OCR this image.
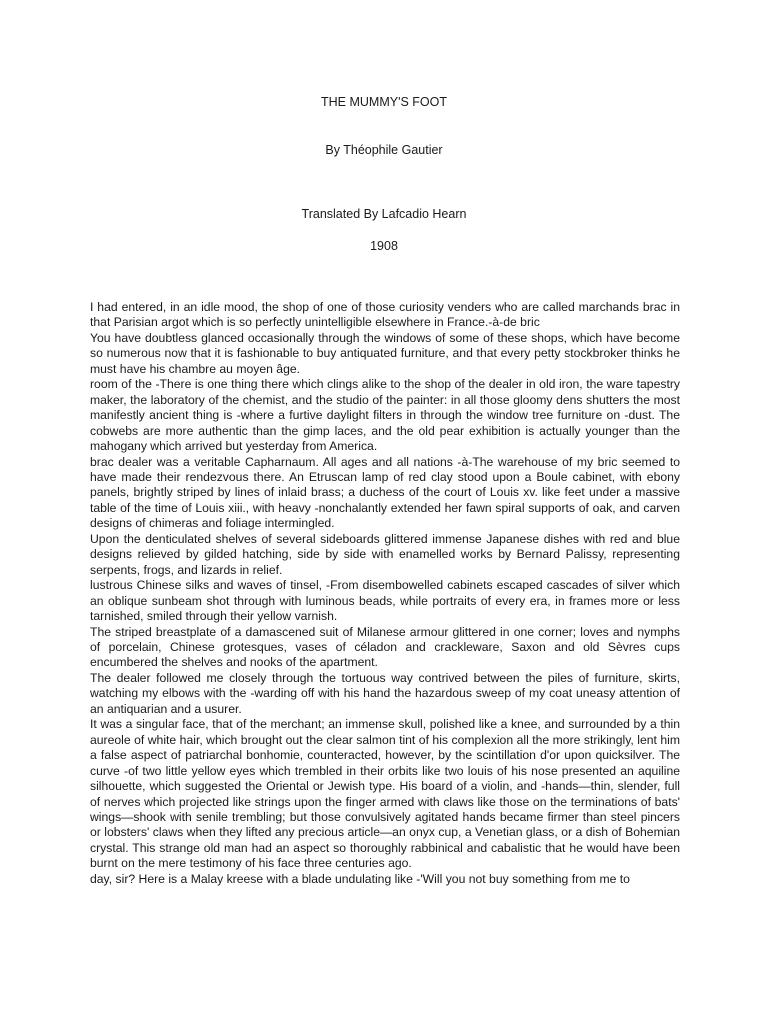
THE MUMMY'S FOOT
By Théophile Gautier
Translated By Lafcadio Hearn
1908

I had entered, in an idle mood, the shop of one of those curiosity venders who are called marchands brac in that Parisian argot which is so perfectly unintelligible elsewhere in France.-à-de bric

You have doubtless glanced occasionally through the windows of some of these shops, which have become so numerous now that it is fashionable to buy antiquated furniture, and that every petty stockbroker thinks he must have his chambre au moyen âge.

room of the -There is one thing there which clings alike to the shop of the dealer in old iron, the ware tapestry maker, the laboratory of the chemist, and the studio of the painter: in all those gloomy dens shutters the most manifestly ancient thing is -where a furtive daylight filters in through the window tree furniture on -dust. The cobwebs are more authentic than the gimp laces, and the old pear exhibition is actually younger than the mahogany which arrived but yesterday from America.

brac dealer was a veritable Capharnaum. All ages and all nations -à-The warehouse of my bric seemed to have made their rendezvous there. An Etruscan lamp of red clay stood upon a Boule cabinet, with ebony panels, brightly striped by lines of inlaid brass; a duchess of the court of Louis xv. like feet under a massive table of the time of Louis xiii., with heavy -nonchalantly extended her fawn spiral supports of oak, and carven designs of chimeras and foliage intermingled.

Upon the denticulated shelves of several sideboards glittered immense Japanese dishes with red and blue designs relieved by gilded hatching, side by side with enamelled works by Bernard Palissy, representing serpents, frogs, and lizards in relief.

lustrous Chinese silks and waves of tinsel, -From disembowelled cabinets escaped cascades of silver which an oblique sunbeam shot through with luminous beads, while portraits of every era, in frames more or less tarnished, smiled through their yellow varnish.

The striped breastplate of a damascened suit of Milanese armour glittered in one corner; loves and nymphs of porcelain, Chinese grotesques, vases of céladon and crackleware, Saxon and old Sèvres cups encumbered the shelves and nooks of the apartment.

The dealer followed me closely through the tortuous way contrived between the piles of furniture, skirts, watching my elbows with the -warding off with his hand the hazardous sweep of my coat uneasy attention of an antiquarian and a usurer.

It was a singular face, that of the merchant; an immense skull, polished like a knee, and surrounded by a thin aureole of white hair, which brought out the clear salmon tint of his complexion all the more strikingly, lent him a false aspect of patriarchal bonhomie, counteracted, however, by the scintillation d'or upon quicksilver. The curve -of two little yellow eyes which trembled in their orbits like two louis of his nose presented an aquiline silhouette, which suggested the Oriental or Jewish type. His board of a violin, and -hands—thin, slender, full of nerves which projected like strings upon the finger armed with claws like those on the terminations of bats' wings—shook with senile trembling; but those convulsively agitated hands became firmer than steel pincers or lobsters' claws when they lifted any precious article—an onyx cup, a Venetian glass, or a dish of Bohemian crystal. This strange old man had an aspect so thoroughly rabbinical and cabalistic that he would have been burnt on the mere testimony of his face three centuries ago.

day, sir? Here is a Malay kreese with a blade undulating like -'Will you not buy something from me to
